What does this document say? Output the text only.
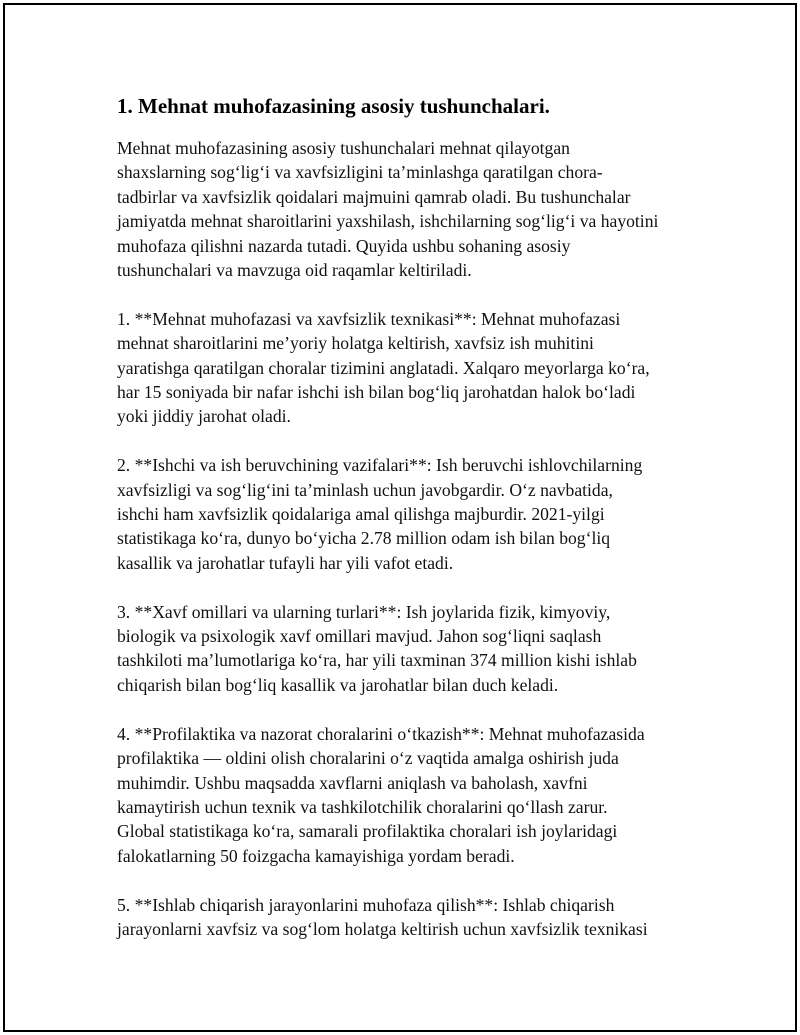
1. Mehnat muhofazasining asosiy tushunchalari.

Mehnat muhofazasining asosiy tushunchalari mehnat qilayotgan
shaxslarning sogʻligʻi va xavfsizligini taʼminlashga qaratilgan chora-
tadbirlar va xavfsizlik qoidalari majmuini qamrab oladi. Bu tushunchalar
jamiyatda mehnat sharoitlarini yaxshilash, ishchilarning sogʻligʻi va hayotini
muhofaza qilishni nazarda tutadi. Quyida ushbu sohaning asosiy
tushunchalari va mavzuga oid raqamlar keltiriladi.

1. **Mehnat muhofazasi va xavfsizlik texnikasi**: Mehnat muhofazasi
mehnat sharoitlarini meʼyoriy holatga keltirish, xavfsiz ish muhitini
yaratishga qaratilgan choralar tizimini anglatadi. Xalqaro meyorlarga koʻra,
har 15 soniyada bir nafar ishchi ish bilan bogʻliq jarohatdan halok boʻladi
yoki jiddiy jarohat oladi.

2. **Ishchi va ish beruvchining vazifalari**: Ish beruvchi ishlovchilarning
xavfsizligi va sogʻligʻini taʼminlash uchun javobgardir. Oʻz navbatida,
ishchi ham xavfsizlik qoidalariga amal qilishga majburdir. 2021-yilgi
statistikaga koʻra, dunyo boʻyicha 2.78 million odam ish bilan bogʻliq
kasallik va jarohatlar tufayli har yili vafot etadi.

3. **Xavf omillari va ularning turlari**: Ish joylarida fizik, kimyoviy,
biologik va psixologik xavf omillari mavjud. Jahon sogʻliqni saqlash
tashkiloti maʼlumotlariga koʻra, har yili taxminan 374 million kishi ishlab
chiqarish bilan bogʻliq kasallik va jarohatlar bilan duch keladi.

4. **Profilaktika va nazorat choralarini oʻtkazish**: Mehnat muhofazasida
profilaktika — oldini olish choralarini oʻz vaqtida amalga oshirish juda
muhimdir. Ushbu maqsadda xavflarni aniqlash va baholash, xavfni
kamaytirish uchun texnik va tashkilotchilik choralarini qoʻllash zarur.
Global statistikaga koʻra, samarali profilaktika choralari ish joylaridagi
falokatlarning 50 foizgacha kamayishiga yordam beradi.

5. **Ishlab chiqarish jarayonlarini muhofaza qilish**: Ishlab chiqarish
jarayonlarni xavfsiz va sogʻlom holatga keltirish uchun xavfsizlik texnikasi
